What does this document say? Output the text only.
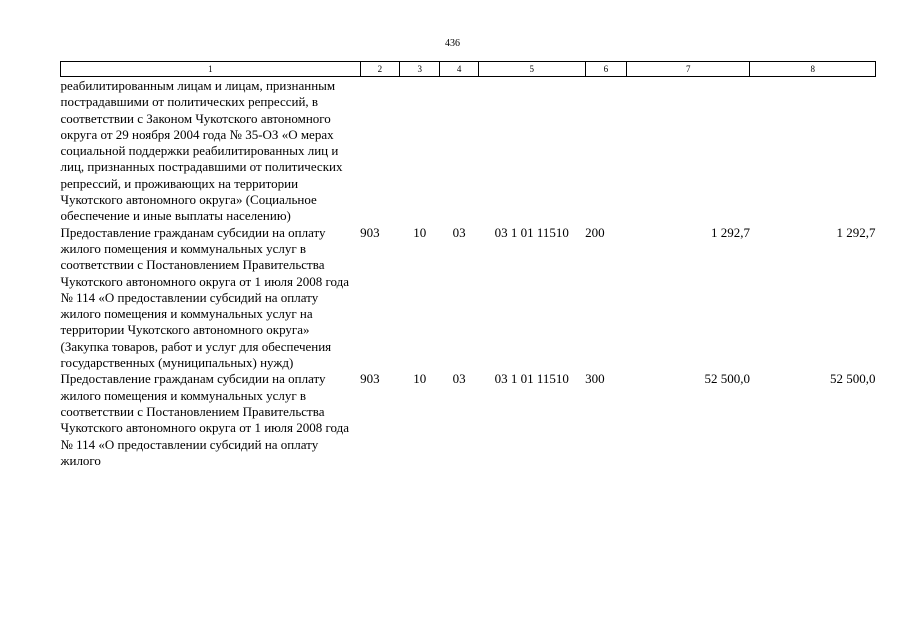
436
1	2	3	4	5	6	7	8
реабилитированным лицам и лицам, признанным пострадавшими от политических репрессий, в соответствии с Законом Чукотского автономного округа от 29 ноября 2004 года № 35-ОЗ «О мерах социальной поддержки реабилитированных лиц и лиц, признанных пострадавшими от политических репрессий, и проживающих на территории Чукотского автономного округа» (Социальное обеспечение и иные выплаты населению)							
Предоставление гражданам субсидии на оплату жилого помещения и коммунальных услуг в соответствии с Постановлением Правительства Чукотского автономного округа от 1 июля 2008 года № 114 «О предоставлении субсидий на оплату жилого помещения и коммунальных услуг на территории Чукотского автономного округа» (Закупка товаров, работ и услуг для обеспечения государственных (муниципальных) нужд)	903	10	03	03 1 01 11510	200	1 292,7	1 292,7
Предоставление гражданам субсидии на оплату жилого помещения и коммунальных услуг в соответствии с Постановлением Правительства Чукотского автономного округа от 1 июля 2008 года № 114 «О предоставлении субсидий на оплату жилого	903	10	03	03 1 01 11510	300	52 500,0	52 500,0
